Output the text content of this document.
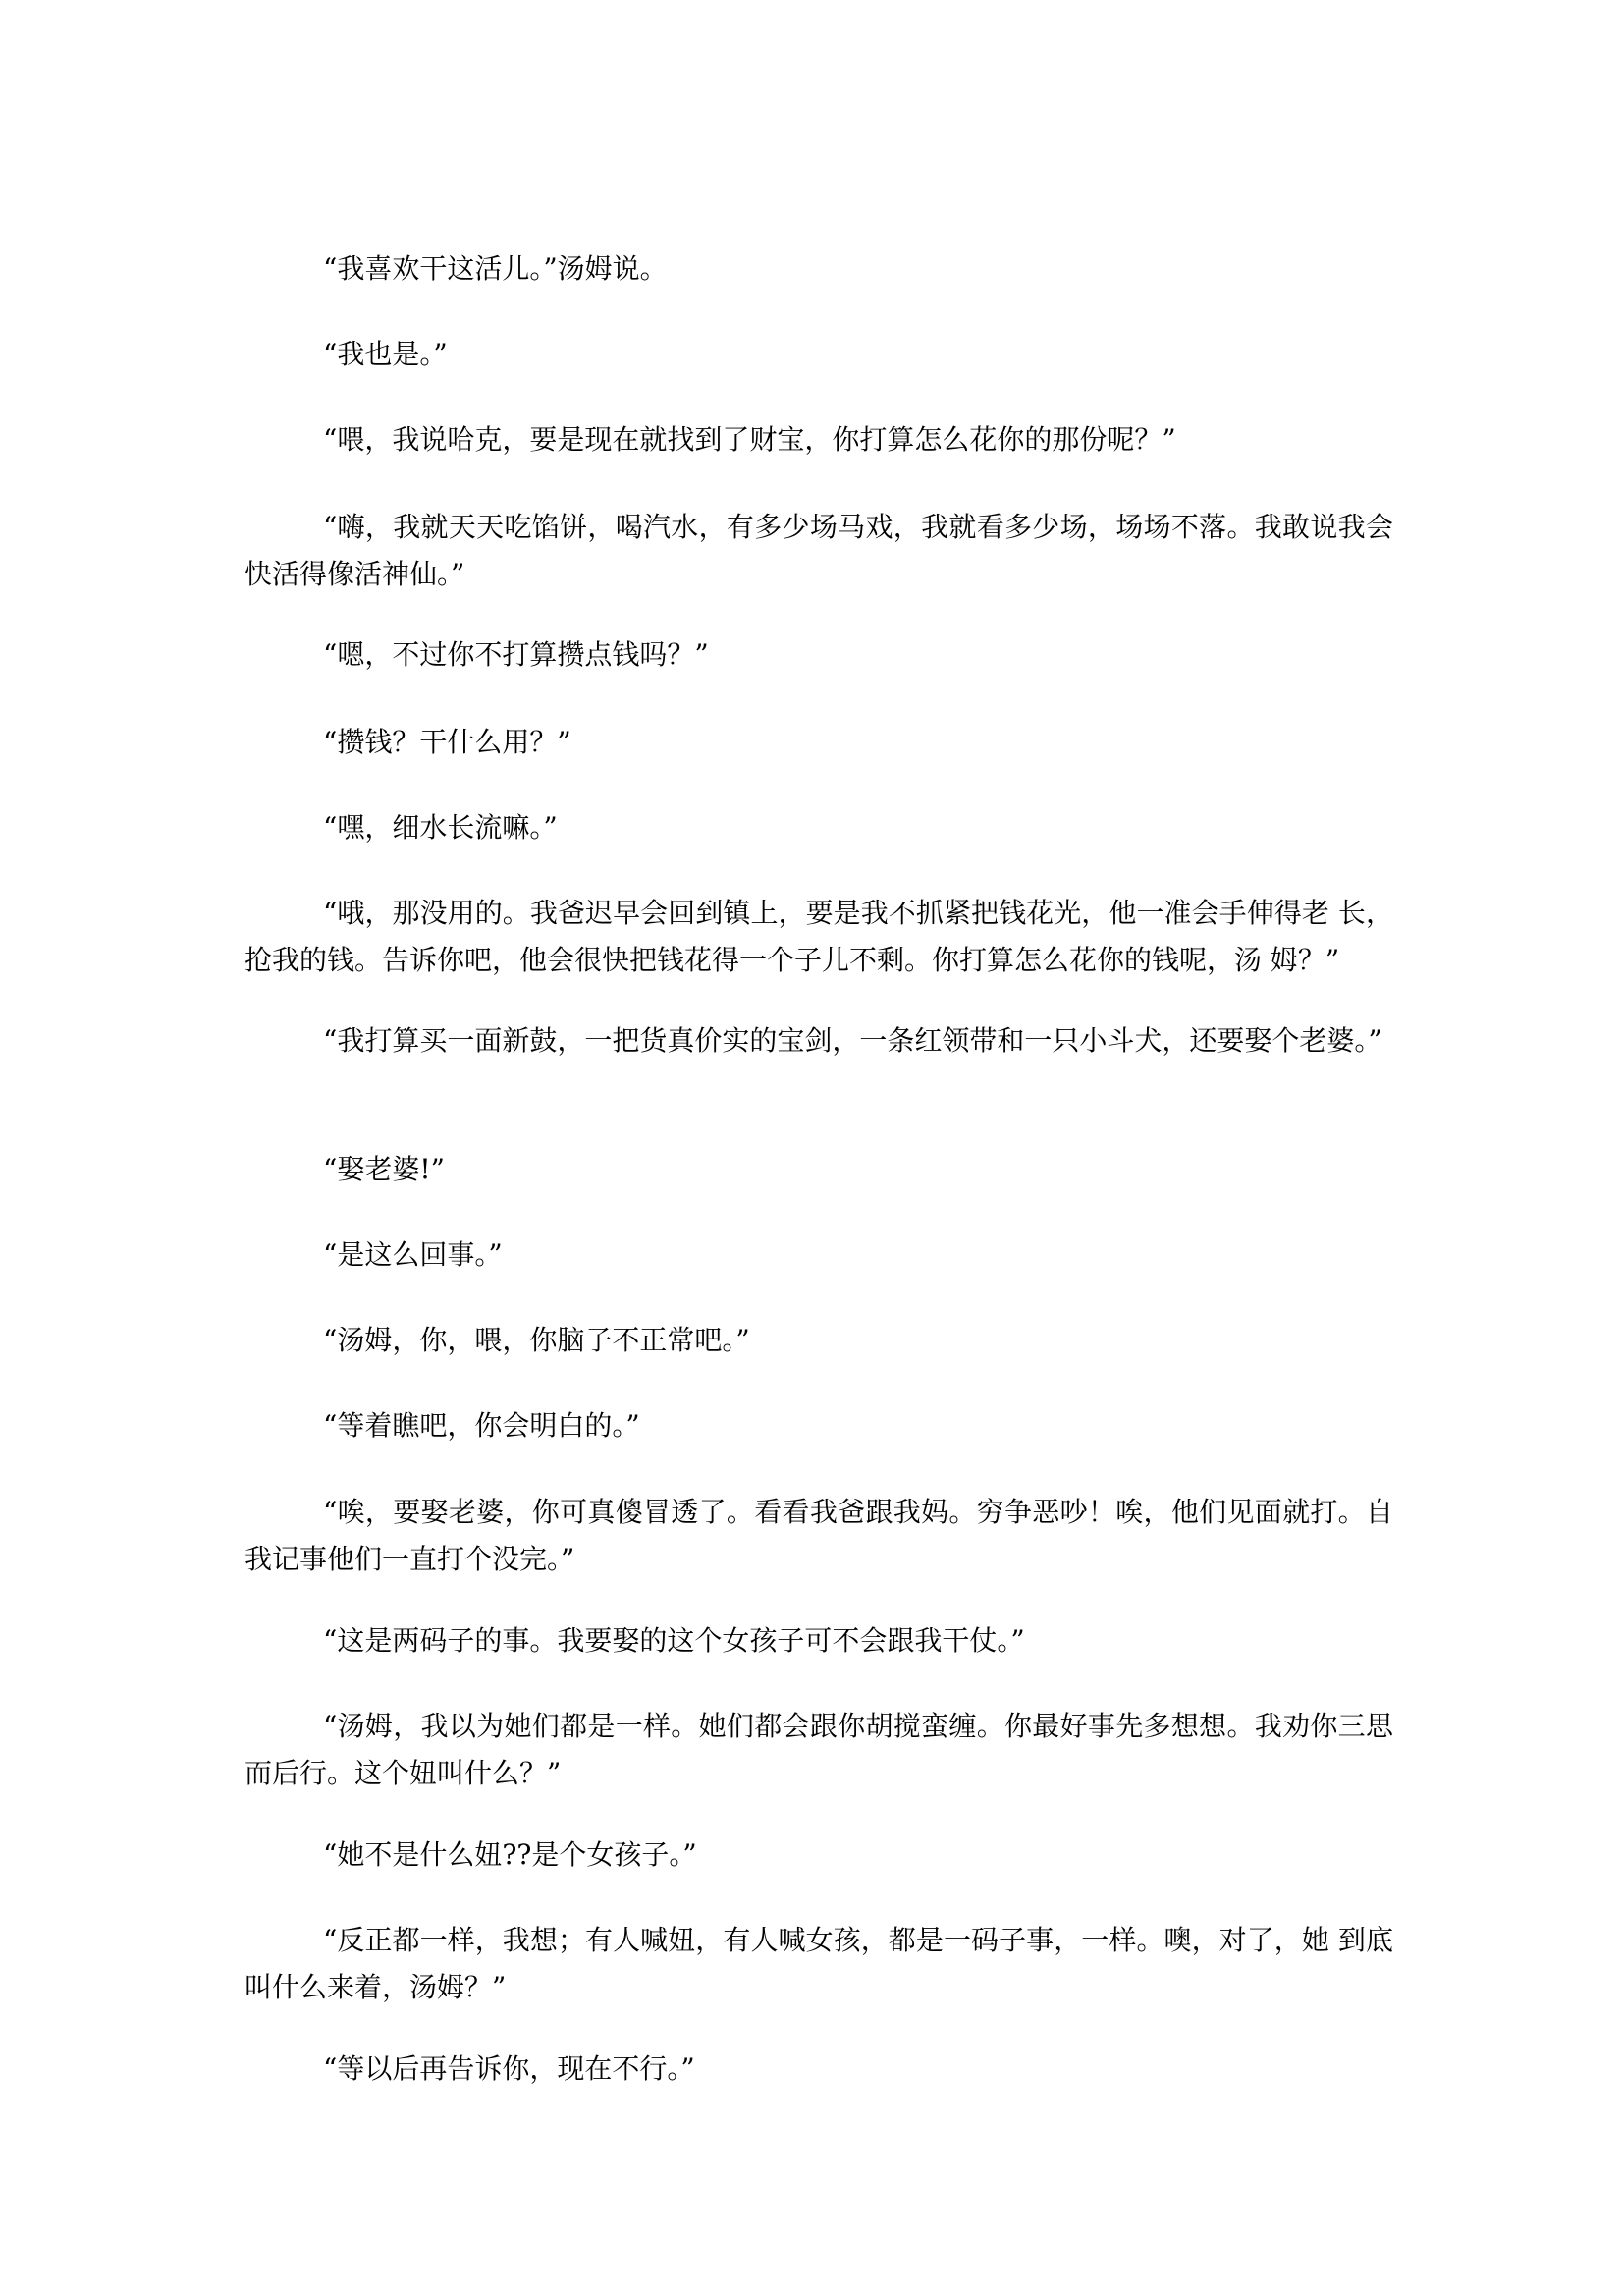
“我喜欢干这活儿。”汤姆说。

“我也是。”

“喂，我说哈克，要是现在就找到了财宝，你打算怎么花你的那份呢？”

“嗨，我就天天吃馅饼，喝汽水，有多少场马戏，我就看多少场，场场不落。我敢说我会快活得像活神仙。”

“嗯，不过你不打算攒点钱吗？”

“攒钱？干什么用？”

“嘿，细水长流嘛。”

“哦，那没用的。我爸迟早会回到镇上，要是我不抓紧把钱花光，他一准会手伸得老 长，抢我的钱。告诉你吧，他会很快把钱花得一个子儿不剩。你打算怎么花你的钱呢，汤 姆？”

“我打算买一面新鼓，一把货真价实的宝剑，一条红领带和一只小斗犬，还要娶个老婆。”

“娶老婆!”

“是这么回事。”

“汤姆，你，喂，你脑子不正常吧。”

“等着瞧吧，你会明白的。”

“唉，要娶老婆，你可真傻冒透了。看看我爸跟我妈。穷争恶吵！唉，他们见面就打。自我记事他们一直打个没完。”

“这是两码子的事。我要娶的这个女孩子可不会跟我干仗。”

“汤姆，我以为她们都是一样。她们都会跟你胡搅蛮缠。你最好事先多想想。我劝你三思而后行。这个妞叫什么？”

“她不是什么妞??是个女孩子。”

“反正都一样，我想；有人喊妞，有人喊女孩，都是一码子事，一样。噢，对了，她 到底叫什么来着，汤姆？”

“等以后再告诉你，现在不行。”
